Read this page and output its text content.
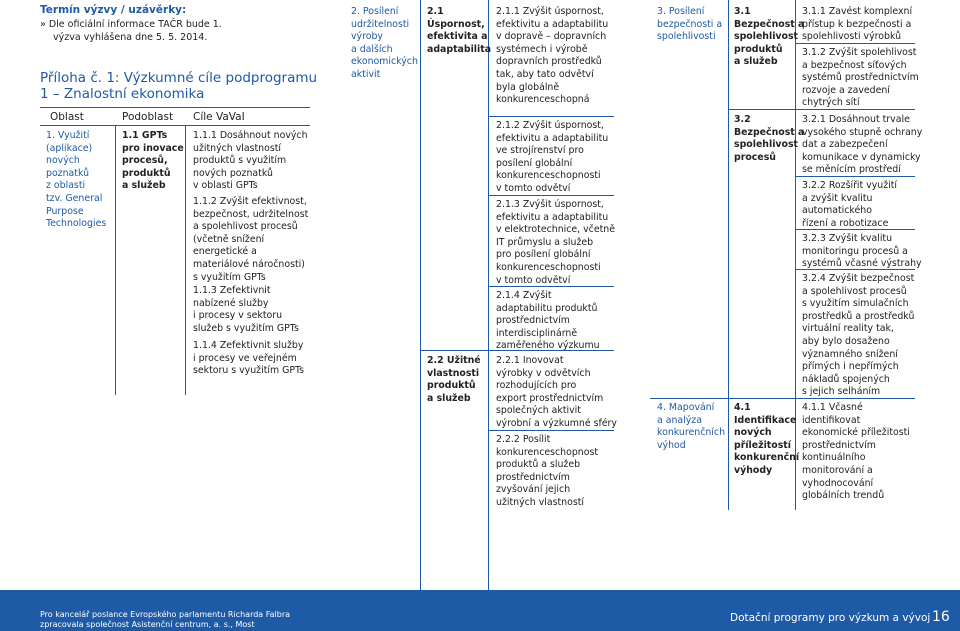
Termín výzvy / uzávěrky:
» Dle oficiální informace TAČR bude 1.
výzva vyhlášena dne 5. 5. 2014.
Příloha č. 1: Výzkumné cíle podprogramu
1 – Znalostní ekonomika
Oblast	Podoblast Cíle VaVaI
1. Využití
(aplikace)
nových
poznatků
z oblasti
tzv. General
Purpose
Technologies
1.1 GPTs
pro inovace
procesů,
produktů
a služeb
1.1.1 Dosáhnout nových
užitných vlastností
produktů s využitím
nových poznatků
v oblasti GPTs
1.1.2 Zvýšit efektivnost,
bezpečnost, udržitelnost
a spolehlivost procesů
(včetně snížení
energetické a
materiálové náročnosti)
s využitím GPTs
1.1.3 Zefektivnit
nabízené služby
i procesy v sektoru
služeb s využitím GPTs
1.1.4 Zefektivnit služby
i procesy ve veřejném
sektoru s využitím GPTs
2. Posílení
udržitelnosti
výroby
a dalších
ekonomických
aktivit
2.1
Úspornost,
efektivita a
adaptabilita
2.2 Užitné
vlastnosti
produktů
a služeb
2.1.1 Zvýšit úspornost,
efektivitu a adaptabilitu
v dopravě – dopravních
systémech i výrobě
dopravních prostředků
tak, aby tato odvětví
byla globálně
konkurenceschopná
2.1.2 Zvýšit úspornost,
efektivitu a adaptabilitu
ve strojírenství pro
posílení globální
konkurenceschopnosti
v tomto odvětví
2.1.3 Zvýšit úspornost,
efektivitu a adaptabilitu
v elektrotechnice, včetně
IT průmyslu a služeb
pro posílení globální
konkurenceschopnosti
v tomto odvětví
2.1.4 Zvýšit
adaptabilitu produktů
prostřednictvím
interdisciplinárně
zaměřeného výzkumu
2.2.1 Inovovat
výrobky v odvětvích
rozhodujících pro
export prostřednictvím
společných aktivit
výrobní a výzkumné sféry
2.2.2 Posílit
konkurenceschopnost
produktů a služeb
prostřednictvím
zvyšování jejich
užitných vlastností
3. Posílení
bezpečnosti a
spolehlivosti
4. Mapování
a analýza
konkurenčních
výhod
3.1
Bezpečnost a
spolehlivost
produktů
a služeb
3.2
Bezpečnost a
spolehlivost
procesů
4.1
Identifikace
nových
příležitostí
konkurenční
výhody
3.1.1 Zavést komplexní
přístup k bezpečnosti a
spolehlivosti výrobků
3.1.2 Zvýšit spolehlivost
a bezpečnost síťových
systémů prostřednictvím
rozvoje a zavedení
chytrých sítí
3.2.1 Dosáhnout trvale
vysokého stupně ochrany
dat a zabezpečení
komunikace v dynamicky
se měnícím prostředí
3.2.2 Rozšířit využití
a zvýšit kvalitu
automatického
řízení a robotizace
3.2.3 Zvýšit kvalitu
monitoringu procesů a
systémů včasné výstrahy
3.2.4 Zvýšit bezpečnost
a spolehlivost procesů
s využitím simulačních
prostředků a prostředků
virtuální reality tak,
aby bylo dosaženo
významného snížení
přímých i nepřímých
nákladů spojených
s jejich selháním
4.1.1 Včasné
identifikovat
ekonomické příležitosti
prostřednictvím
kontinuálního
monitorování a
vyhodnocování
globálních trendů
Pro kancelář poslance Evropského parlamentu Richarda Falbra
zpracovala společnost Asistenční centrum, a. s., Most
Dotační programy pro výzkum a vývoj 16
